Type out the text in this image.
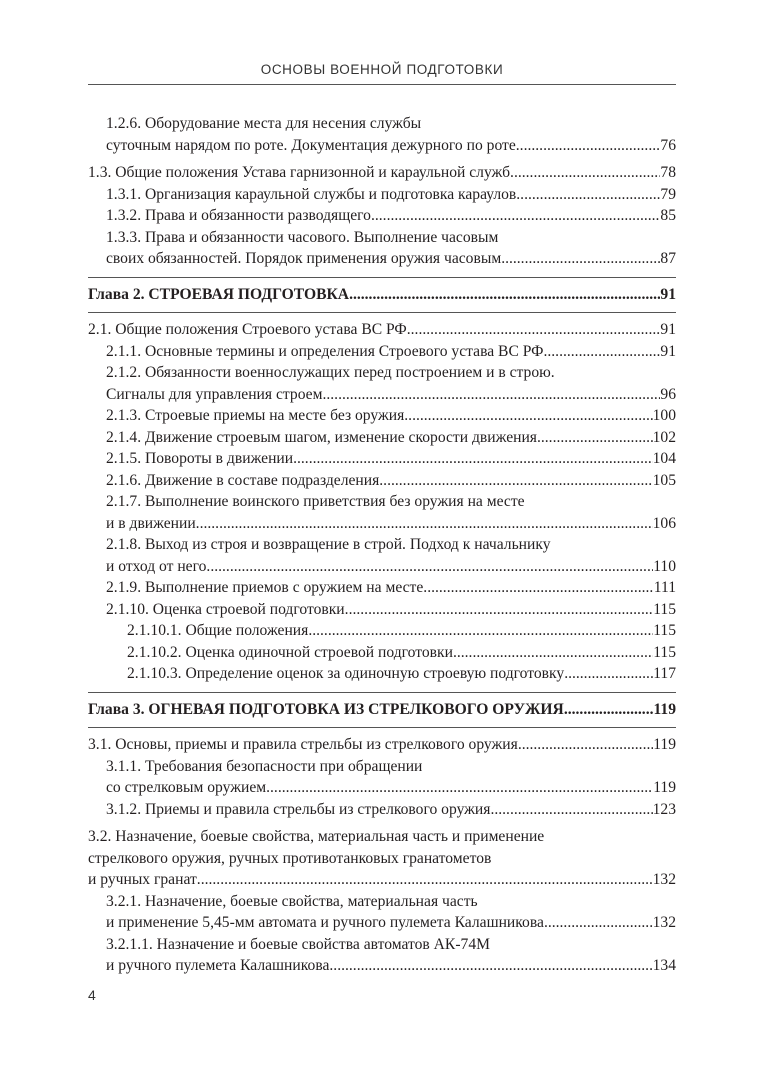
ОСНОВЫ ВОЕННОЙ ПОДГОТОВКИ
1.2.6. Оборудование места для несения службы
суточным нарядом по роте. Документация дежурного по роте .....	76
1.3. Общие положения Устава гарнизонной и караульной служб .....	78
1.3.1. Организация караульной службы и подготовка караулов .....	79
1.3.2. Права и обязанности разводящего .....	85
1.3.3. Права и обязанности часового. Выполнение часовым
своих обязанностей. Порядок применения оружия часовым .....	87
Глава 2. СТРОЕВАЯ ПОДГОТОВКА .....	91
2.1. Общие положения Строевого устава ВС РФ .....	91
2.1.1. Основные термины и определения Строевого устава ВС РФ .....	91
2.1.2. Обязанности военнослужащих перед построением и в строю.
Сигналы для управления строем .....	96
2.1.3. Строевые приемы на месте без оружия .....	100
2.1.4. Движение строевым шагом, изменение скорости движения .....	102
2.1.5. Повороты в движении .....	104
2.1.6. Движение в составе подразделения .....	105
2.1.7. Выполнение воинского приветствия без оружия на месте
и в движении .....	106
2.1.8. Выход из строя и возвращение в строй. Подход к начальнику
и отход от него .....	110
2.1.9. Выполнение приемов с оружием на месте .....	111
2.1.10. Оценка строевой подготовки .....	115
2.1.10.1. Общие положения .....	115
2.1.10.2. Оценка одиночной строевой подготовки .....	115
2.1.10.3. Определение оценок за одиночную строевую подготовку .....	117
Глава 3. ОГНЕВАЯ ПОДГОТОВКА ИЗ СТРЕЛКОВОГО ОРУЖИЯ .....	119
3.1. Основы, приемы и правила стрельбы из стрелкового оружия .....	119
3.1.1. Требования безопасности при обращении
со стрелковым оружием .....	119
3.1.2. Приемы и правила стрельбы из стрелкового оружия .....	123
3.2. Назначение, боевые свойства, материальная часть и применение
стрелкового оружия, ручных противотанковых гранатометов
и ручных гранат .....	132
3.2.1. Назначение, боевые свойства, материальная часть
и применение 5,45-мм автомата и ручного пулемета Калашникова .....	132
3.2.1.1. Назначение и боевые свойства автоматов АК-74М
и ручного пулемета Калашникова .....	134
4
